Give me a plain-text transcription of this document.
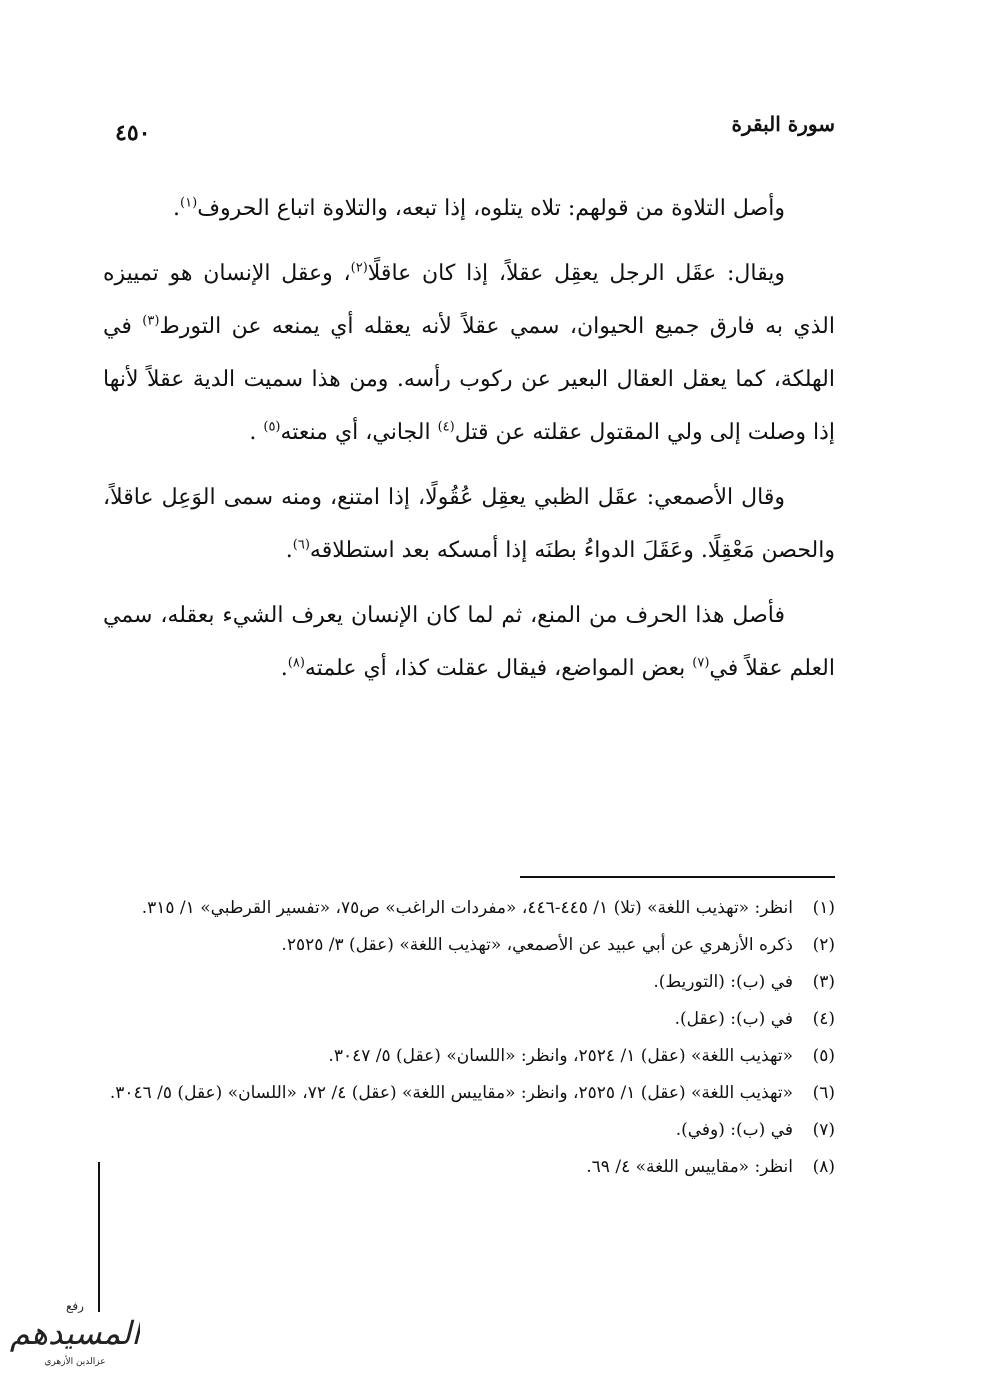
سورة البقرة
٤٥٠

وأصل التلاوة من قولهم: تلاه يتلوه، إذا تبعه، والتلاوة اتباع الحروف$^{(١)}$.

ويقال: عقَل الرجل يعقِل عقلاً، إذا كان عاقلًا$^{(٢)}$، وعقل الإنسان هو تمييزه الذي به فارق جميع الحيوان، سمي عقلاً لأنه يعقله أي يمنعه عن التورط$^{(٣)}$ في الهلكة، كما يعقل العقال البعير عن ركوب رأسه. ومن هذا سميت الدية عقلاً لأنها إذا وصلت إلى ولي المقتول عقلته عن قتل$^{(٤)}$ الجاني، أي منعته$^{(٥)}$ .

وقال الأصمعي: عقَل الظبي يعقِل عُقُولًا، إذا امتنع، ومنه سمى الوَعِل عاقلاً، والحصن مَعْقِلًا. وعَقَلَ الدواءُ بطنَه إذا أمسكه بعد استطلاقه$^{(٦)}$.

فأصل هذا الحرف من المنع، ثم لما كان الإنسان يعرف الشيء بعقله، سمي العلم عقلاً في$^{(٧)}$ بعض المواضع، فيقال عقلت كذا، أي علمته$^{(٨)}$.

(١)انظر: «تهذيب اللغة» (تلا) ١/ ٤٤٥-٤٤٦، «مفردات الراغب» ص٧٥، «تفسير القرطبي» ١/ ٣١٥.
(٢)ذكره الأزهري عن أبي عبيد عن الأصمعي، «تهذيب اللغة» (عقل) ٣/ ٢٥٢٥.
(٣)في (ب): (التوريط).
(٤)في (ب): (عقل).
(٥)«تهذيب اللغة» (عقل) ١/ ٢٥٢٤، وانظر: «اللسان» (عقل) ٥/ ٣٠٤٧.
(٦)«تهذيب اللغة» (عقل) ١/ ٢٥٢٥، وانظر: «مقاييس اللغة» (عقل) ٤/ ٧٢، «اللسان» (عقل) ٥/ ٣٠٤٦.
(٧)في (ب): (وفي).
(٨)انظر: «مقاييس اللغة» ٤/ ٦٩.
رفع
المسيدهم
عزالدين الأزهري
